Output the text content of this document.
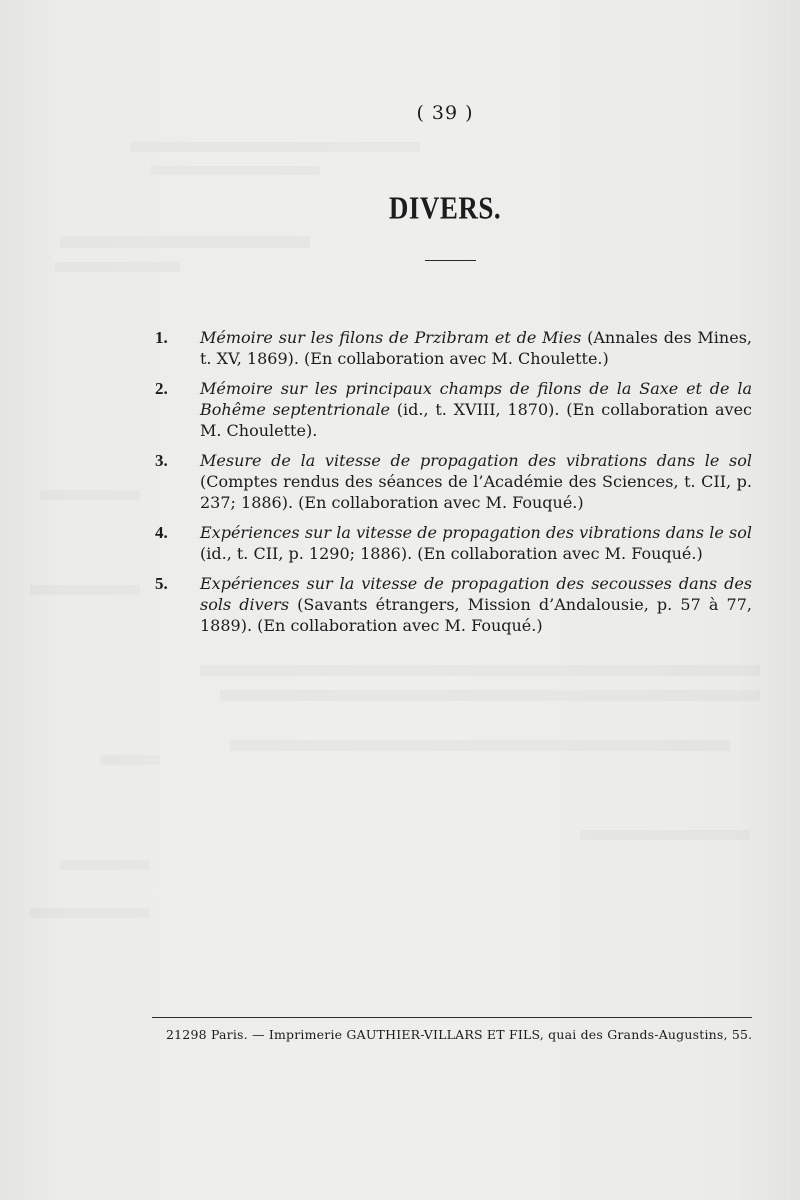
( 39 )
DIVERS.
1. Mémoire sur les filons de Przibram et de Mies (Annales des Mines, t. XV, 1869). (En collaboration avec M. Choulette.)
2. Mémoire sur les principaux champs de filons de la Saxe et de la Bohême septentrionale (id., t. XVIII, 1870). (En collaboration avec M. Choulette).
3. Mesure de la vitesse de propagation des vibrations dans le sol (Comptes rendus des séances de l’Académie des Sciences, t. CII, p. 237; 1886). (En collaboration avec M. Fouqué.)
4. Expériences sur la vitesse de propagation des vibrations dans le sol (id., t. CII, p. 1290; 1886). (En collaboration avec M. Fouqué.)
5. Expériences sur la vitesse de propagation des secousses dans des sols divers (Savants étrangers, Mission d’Andalousie, p. 57 à 77, 1889). (En collaboration avec M. Fouqué.)
21298 Paris. — Imprimerie GAUTHIER-VILLARS ET FILS, quai des Grands-Augustins, 55.
